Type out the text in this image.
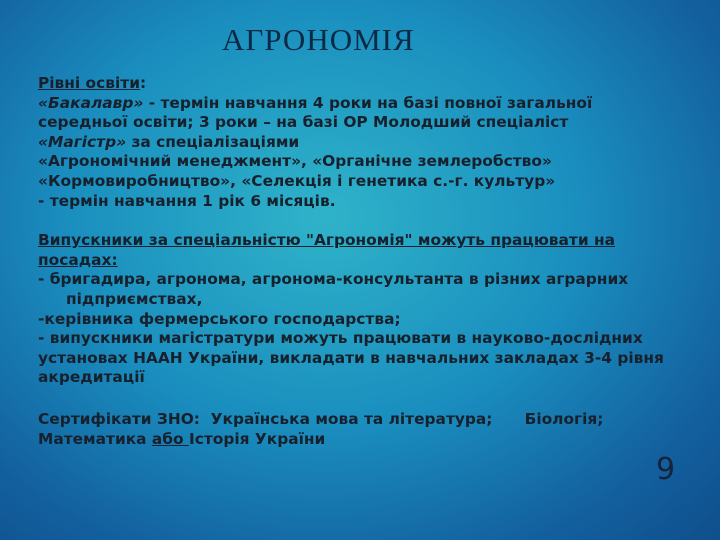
АГРОНОМІЯ
Рівні освіти:
«Бакалавр» - термін навчання 4 роки на базі повної загальної
середньої освіти; 3 роки – на базі ОР Молодший спеціаліст
«Магістр» за спеціалізаціями
«Агрономічний менеджмент», «Органічне землеробство»
«Кормовиробництво», «Селекція і генетика с.-г. культур»
- термін навчання 1 рік 6 місяців.
Випускники за спеціальністю "Агрономія" можуть працювати на
посадах:
- бригадира, агронома, агронома-консультанта в різних аграрних
підприємствах,
-керівника фермерського господарства;
- випускники магістратури можуть працювати в науково-дослідних
установах НААН України, викладати в навчальних закладах 3-4 рівня
акредитації
Сертифікати ЗНО:  Українська мова та література;      Біологія;
Математика або Історія України
9
